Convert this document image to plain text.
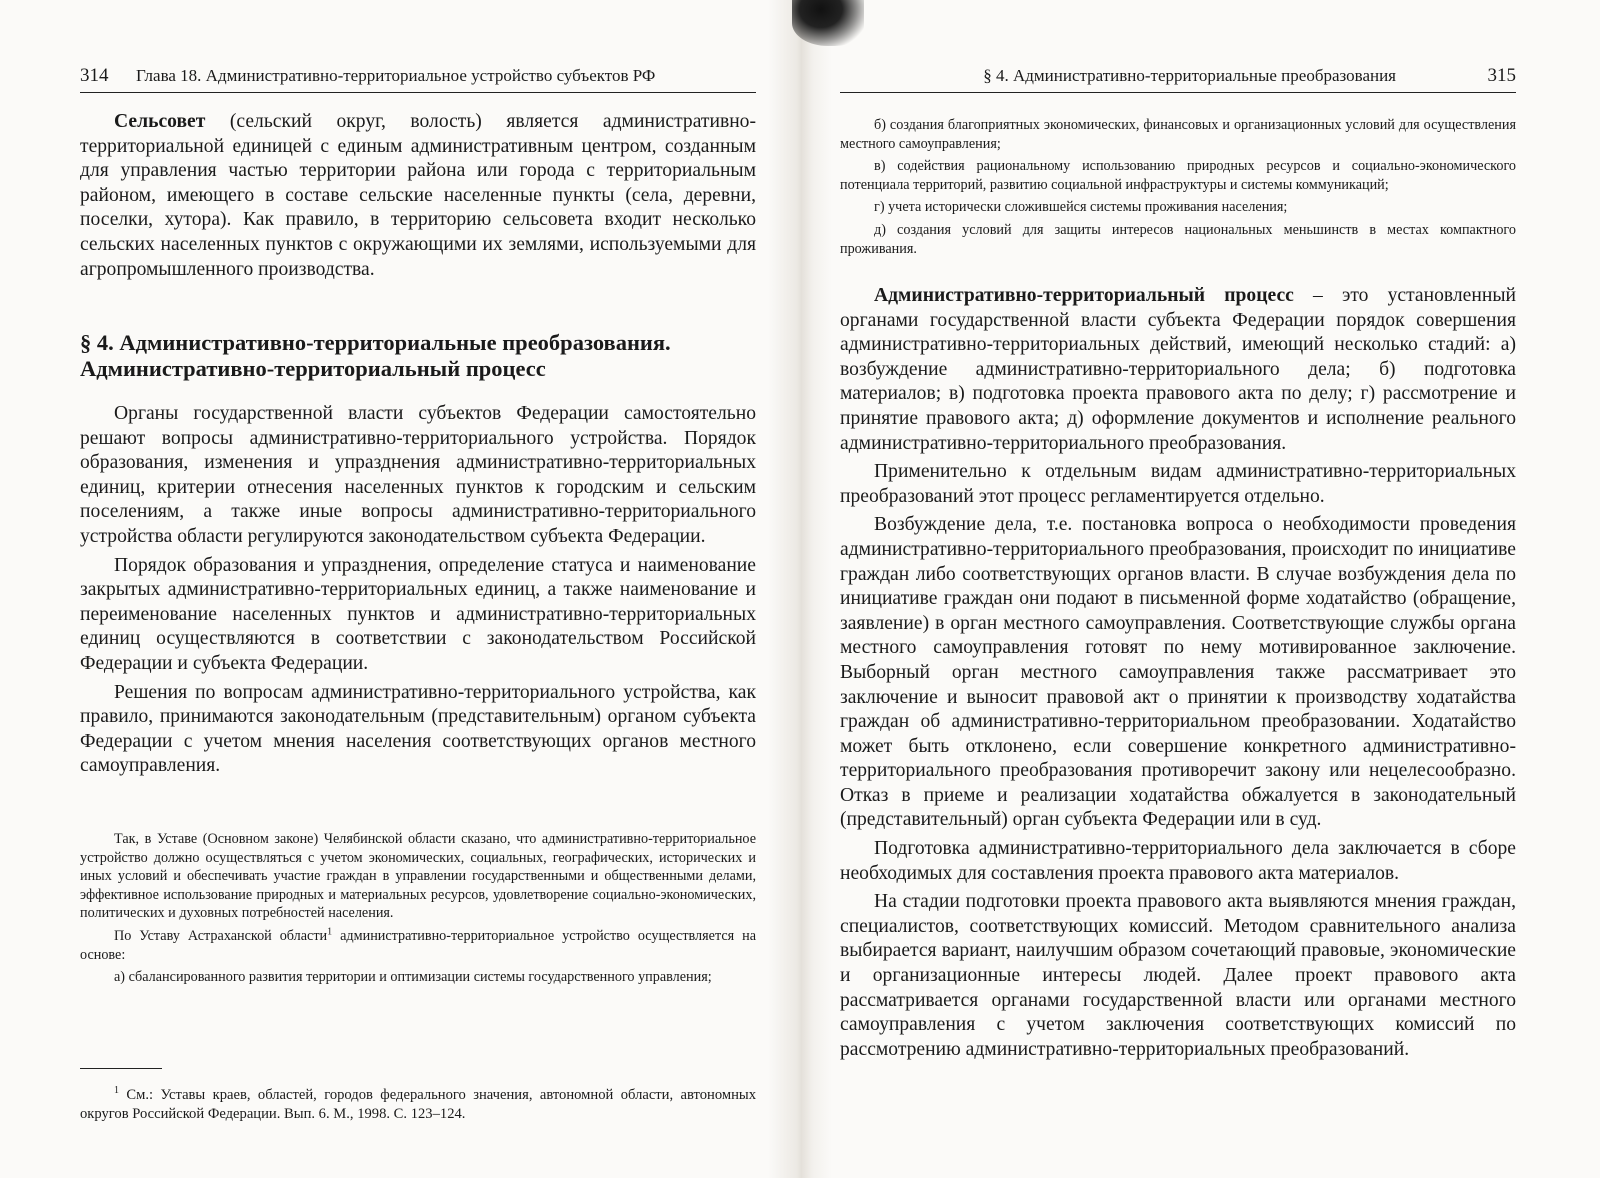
314 Глава 18. Административно-территориальное устройство субъектов РФ

Сельсовет (сельский округ, волость) является административно-территориальной единицей с единым административным центром, созданным для управления частью территории района или города с территориальным районом, имеющего в составе сельские населенные пункты (села, деревни, поселки, хутора). Как правило, в территорию сельсовета входит несколько сельских населенных пунктов с окружающими их землями, используемыми для агропромышленного производства.

§ 4. Административно-территориальные преобразования.
Административно-территориальный процесс

Органы государственной власти субъектов Федерации самостоятельно решают вопросы административно-территориального устройства. Порядок образования, изменения и упразднения административно-территориальных единиц, критерии отнесения населенных пунктов к городским и сельским поселениям, а также иные вопросы административно-территориального устройства области регулируются законодательством субъекта Федерации.

Порядок образования и упразднения, определение статуса и наименование закрытых административно-территориальных единиц, а также наименование и переименование населенных пунктов и административно-территориальных единиц осуществляются в соответствии с законодательством Российской Федерации и субъекта Федерации.

Решения по вопросам административно-территориального устройства, как правило, принимаются законодательным (представительным) органом субъекта Федерации с учетом мнения населения соответствующих органов местного самоуправления.

Так, в Уставе (Основном законе) Челябинской области сказано, что административно-территориальное устройство должно осуществляться с учетом экономических, социальных, географических, исторических и иных условий и обеспечивать участие граждан в управлении государственными и общественными делами, эффективное использование природных и материальных ресурсов, удовлетворение социально-экономических, политических и духовных потребностей населения.

По Уставу Астраханской области$^1$ административно-территориальное устройство осуществляется на основе:

а) сбалансированного развития территории и оптимизации системы государственного управления;

$^1$ См.: Уставы краев, областей, городов федерального значения, автономной области, автономных округов Российской Федерации. Вып. 6. М., 1998. С. 123–124.

§ 4. Административно-территориальные преобразования	315

б) создания благоприятных экономических, финансовых и организационных условий для осуществления местного самоуправления;

в) содействия рациональному использованию природных ресурсов и социально-экономического потенциала территорий, развитию социальной инфраструктуры и системы коммуникаций;

г) учета исторически сложившейся системы проживания населения;

д) создания условий для защиты интересов национальных меньшинств в местах компактного проживания.

Административно-территориальный процесс – это установленный органами государственной власти субъекта Федерации порядок совершения административно-территориальных действий, имеющий несколько стадий: а) возбуждение административно-территориального дела; б) подготовка материалов; в) подготовка проекта правового акта по делу; г) рассмотрение и принятие правового акта; д) оформление документов и исполнение реального административно-территориального преобразования.

Применительно к отдельным видам административно-территориальных преобразований этот процесс регламентируется отдельно.

Возбуждение дела, т.е. постановка вопроса о необходимости проведения административно-территориального преобразования, происходит по инициативе граждан либо соответствующих органов власти. В случае возбуждения дела по инициативе граждан они подают в письменной форме ходатайство (обращение, заявление) в орган местного самоуправления. Соответствующие службы органа местного самоуправления готовят по нему мотивированное заключение. Выборный орган местного самоуправления также рассматривает это заключение и выносит правовой акт о принятии к производству ходатайства граждан об административно-территориальном преобразовании. Ходатайство может быть отклонено, если совершение конкретного административно-территориального преобразования противоречит закону или нецелесообразно. Отказ в приеме и реализации ходатайства обжалуется в законодательный (представительный) орган субъекта Федерации или в суд.

Подготовка административно-территориального дела заключается в сборе необходимых для составления проекта правового акта материалов.

На стадии подготовки проекта правового акта выявляются мнения граждан, специалистов, соответствующих комиссий. Методом сравнительного анализа выбирается вариант, наилучшим образом сочетающий правовые, экономические и организационные интересы людей. Далее проект правового акта рассматривается органами государственной власти или органами местного самоуправления с учетом заключения соответствующих комиссий по рассмотрению административно-территориальных преобразований.
